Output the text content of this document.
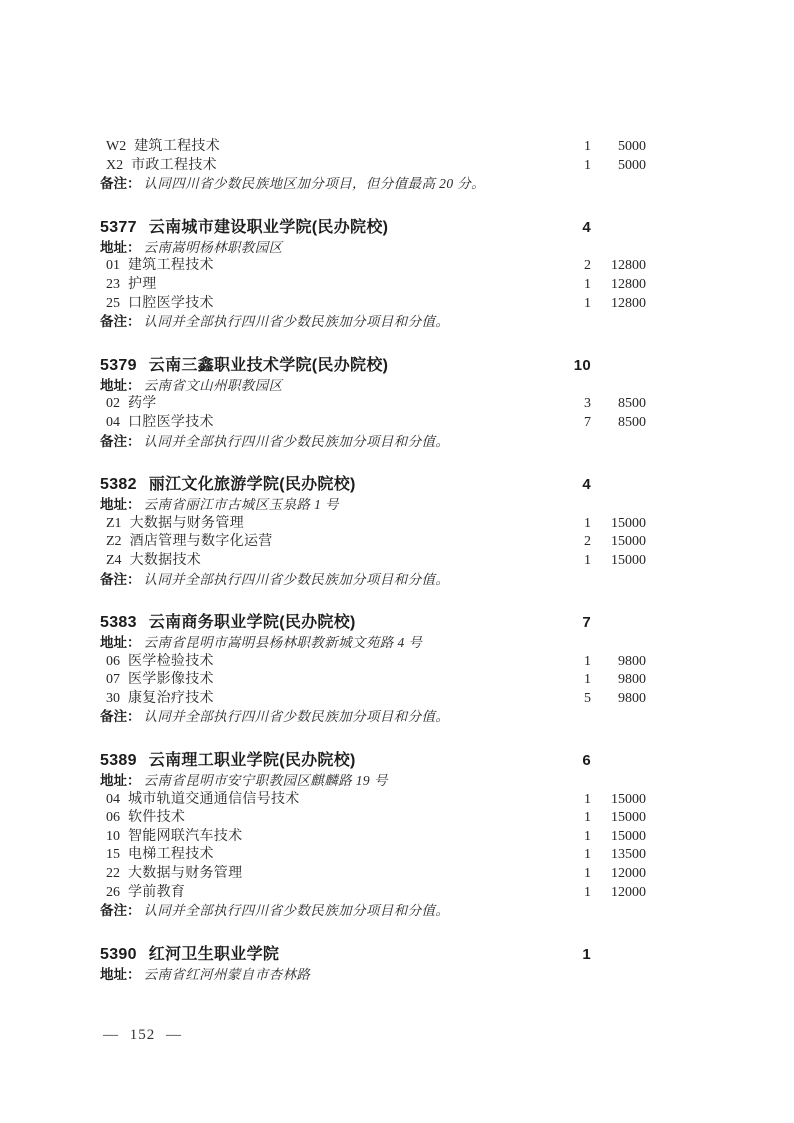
W2 建筑工程技术	1	5000
X2 市政工程技术	1	5000
备注： 认同四川省少数民族地区加分项目，但分值最高 20 分。
5377 云南城市建设职业学院(民办院校)	4
地址： 云南嵩明杨林职教园区
01 建筑工程技术	2	12800
23 护理	1	12800
25 口腔医学技术	1	12800
备注： 认同并全部执行四川省少数民族加分项目和分值。
5379 云南三鑫职业技术学院(民办院校)	10
地址： 云南省文山州职教园区
02 药学	3	8500
04 口腔医学技术	7	8500
备注： 认同并全部执行四川省少数民族加分项目和分值。
5382 丽江文化旅游学院(民办院校)	4
地址： 云南省丽江市古城区玉泉路 1 号
Z1 大数据与财务管理	1	15000
Z2 酒店管理与数字化运营	2	15000
Z4 大数据技术	1	15000
备注： 认同并全部执行四川省少数民族加分项目和分值。
5383 云南商务职业学院(民办院校)	7
地址： 云南省昆明市嵩明县杨林职教新城文苑路 4 号
06 医学检验技术	1	9800
07 医学影像技术	1	9800
30 康复治疗技术	5	9800
备注： 认同并全部执行四川省少数民族加分项目和分值。
5389 云南理工职业学院(民办院校)	6
地址： 云南省昆明市安宁职教园区麒麟路 19 号
04 城市轨道交通通信信号技术	1	15000
06 软件技术	1	15000
10 智能网联汽车技术	1	15000
15 电梯工程技术	1	13500
22 大数据与财务管理	1	12000
26 学前教育	1	12000
备注： 认同并全部执行四川省少数民族加分项目和分值。
5390 红河卫生职业学院	1
地址： 云南省红河州蒙自市杏林路
— 152 —
